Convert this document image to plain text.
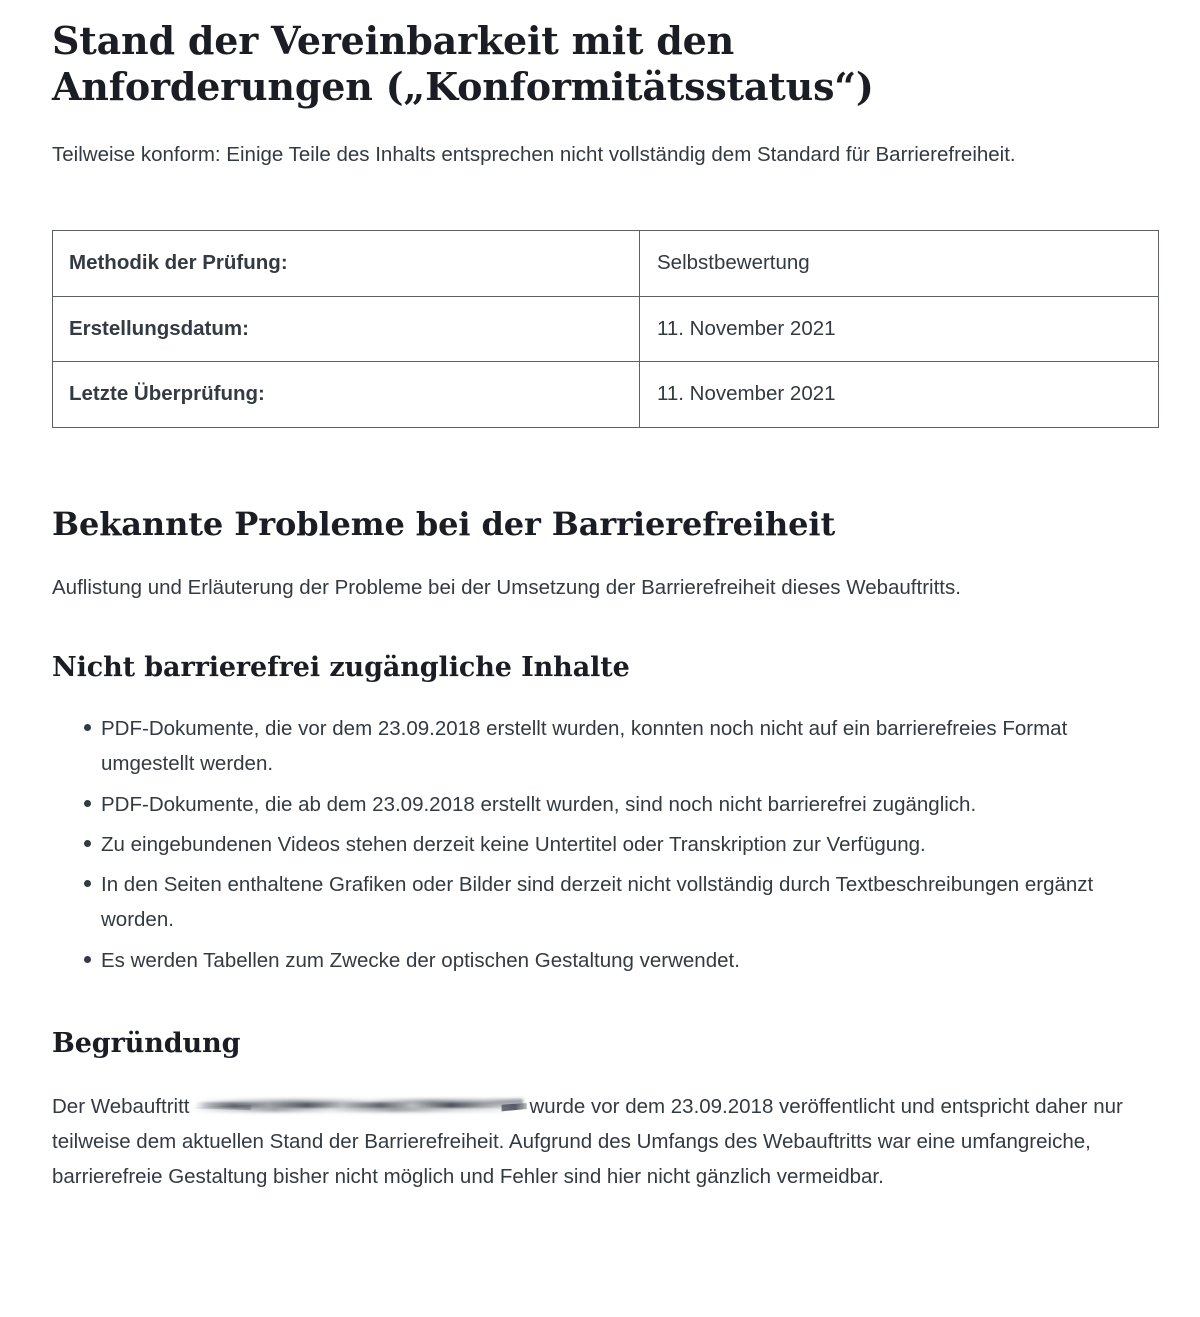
Stand der Vereinbarkeit mit den Anforderungen („Konformitätsstatus“)

Teilweise konform: Einige Teile des Inhalts entsprechen nicht vollständig dem Standard für Barrierefreiheit.

Methodik der Prüfung:	Selbstbewertung
Erstellungsdatum:	11. November 2021
Letzte Überprüfung:	11. November 2021
Bekannte Probleme bei der Barrierefreiheit

Auflistung und Erläuterung der Probleme bei der Umsetzung der Barrierefreiheit dieses Webauftritts.

Nicht barrierefrei zugängliche Inhalte
PDF-Dokumente, die vor dem 23.09.2018 erstellt wurden, konnten noch nicht auf ein barrierefreies Format umgestellt werden.
PDF-Dokumente, die ab dem 23.09.2018 erstellt wurden, sind noch nicht barrierefrei zugänglich.
Zu eingebundenen Videos stehen derzeit keine Untertitel oder Transkription zur Verfügung.
In den Seiten enthaltene Grafiken oder Bilder sind derzeit nicht vollständig durch Textbeschreibungen ergänzt worden.
Es werden Tabellen zum Zwecke der optischen Gestaltung verwendet.
Begründung

Der Webauftritt	wurde vor dem 23.09.2018 veröffentlicht und entspricht daher nur teilweise dem aktuellen Stand der Barrierefreiheit. Aufgrund des Umfangs des Webauftritts war eine umfangreiche, barrierefreie Gestaltung bisher nicht möglich und Fehler sind hier nicht gänzlich vermeidbar.
